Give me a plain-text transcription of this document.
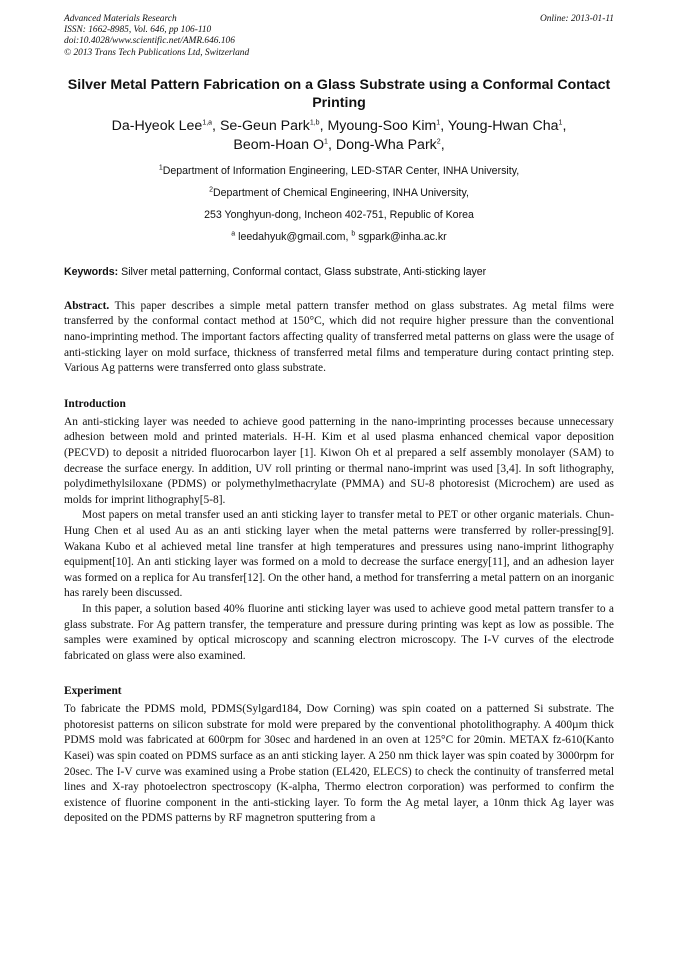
Advanced Materials Research
ISSN: 1662-8985, Vol. 646, pp 106-110
doi:10.4028/www.scientific.net/AMR.646.106
© 2013 Trans Tech Publications Ltd, Switzerland
Online: 2013-01-11
Silver Metal Pattern Fabrication on a Glass Substrate using a Conformal Contact Printing
Da-Hyeok Lee$^{1,a}$, Se-Geun Park$^{1,b}$, Myoung-Soo Kim$^1$, Young-Hwan Cha$^1$,
Beom-Hoan $O^1$, Dong-Wha Park$^2$,
$^1$Department of Information Engineering, LED-STAR Center, INHA University,
$^2$Department of Chemical Engineering, INHA University,
253 Yonghyun-dong, Incheon 402-751, Republic of Korea
$^a$ leedahyuk@gmail.com, $^b$ sgpark@inha.ac.kr
Keywords: Silver metal patterning, Conformal contact, Glass substrate, Anti-sticking layer
Abstract. This paper describes a simple metal pattern transfer method on glass substrates. Ag metal films were transferred by the conformal contact method at 150°C, which did not require higher pressure than the conventional nano-imprinting method. The important factors affecting quality of transferred metal patterns on glass were the usage of anti-sticking layer on mold surface, thickness of transferred metal films and temperature during contact printing step. Various Ag patterns were transferred onto glass substrate.
Introduction

An anti-sticking layer was needed to achieve good patterning in the nano-imprinting processes because unnecessary adhesion between mold and printed materials. H-H. Kim et al used plasma enhanced chemical vapor deposition (PECVD) to deposit a nitrided fluorocarbon layer [1]. Kiwon Oh et al prepared a self assembly monolayer (SAM) to decrease the surface energy. In addition, UV roll printing or thermal nano-imprint was used [3,4]. In soft lithography, polydimethylsiloxane (PDMS) or polymethylmethacrylate (PMMA) and SU-8 photoresist (Microchem) are used as molds for imprint lithography[5-8].

Most papers on metal transfer used an anti sticking layer to transfer metal to PET or other organic materials. Chun-Hung Chen et al used Au as an anti sticking layer when the metal patterns were transferred by roller-pressing[9]. Wakana Kubo et al achieved metal line transfer at high temperatures and pressures using nano-imprint lithography equipment[10]. An anti sticking layer was formed on a mold to decrease the surface energy[11], and an adhesion layer was formed on a replica for Au transfer[12]. On the other hand, a method for transferring a metal pattern on an inorganic has rarely been discussed.

In this paper, a solution based 40% fluorine anti sticking layer was used to achieve good metal pattern transfer to a glass substrate. For Ag pattern transfer, the temperature and pressure during printing was kept as low as possible. The samples were examined by optical microscopy and scanning electron microscopy. The I-V curves of the electrode fabricated on glass were also examined.

Experiment

To fabricate the PDMS mold, PDMS(Sylgard184, Dow Corning) was spin coated on a patterned Si substrate. The photoresist patterns on silicon substrate for mold were prepared by the conventional photolithography. A 400µm thick PDMS mold was fabricated at 600rpm for 30sec and hardened in an oven at 125°C for 20min. METAX fz-610(Kanto Kasei) was spin coated on PDMS surface as an anti sticking layer. A 250 nm thick layer was spin coated by 3000rpm for 20sec. The I-V curve was examined using a Probe station (EL420, ELECS) to check the continuity of transferred metal lines and X-ray photoelectron spectroscopy (K-alpha, Thermo electron corporation) was performed to confirm the existence of fluorine component in the anti-sticking layer. To form the Ag metal layer, a 10nm thick Ag layer was deposited on the PDMS patterns by RF magnetron sputtering from a
